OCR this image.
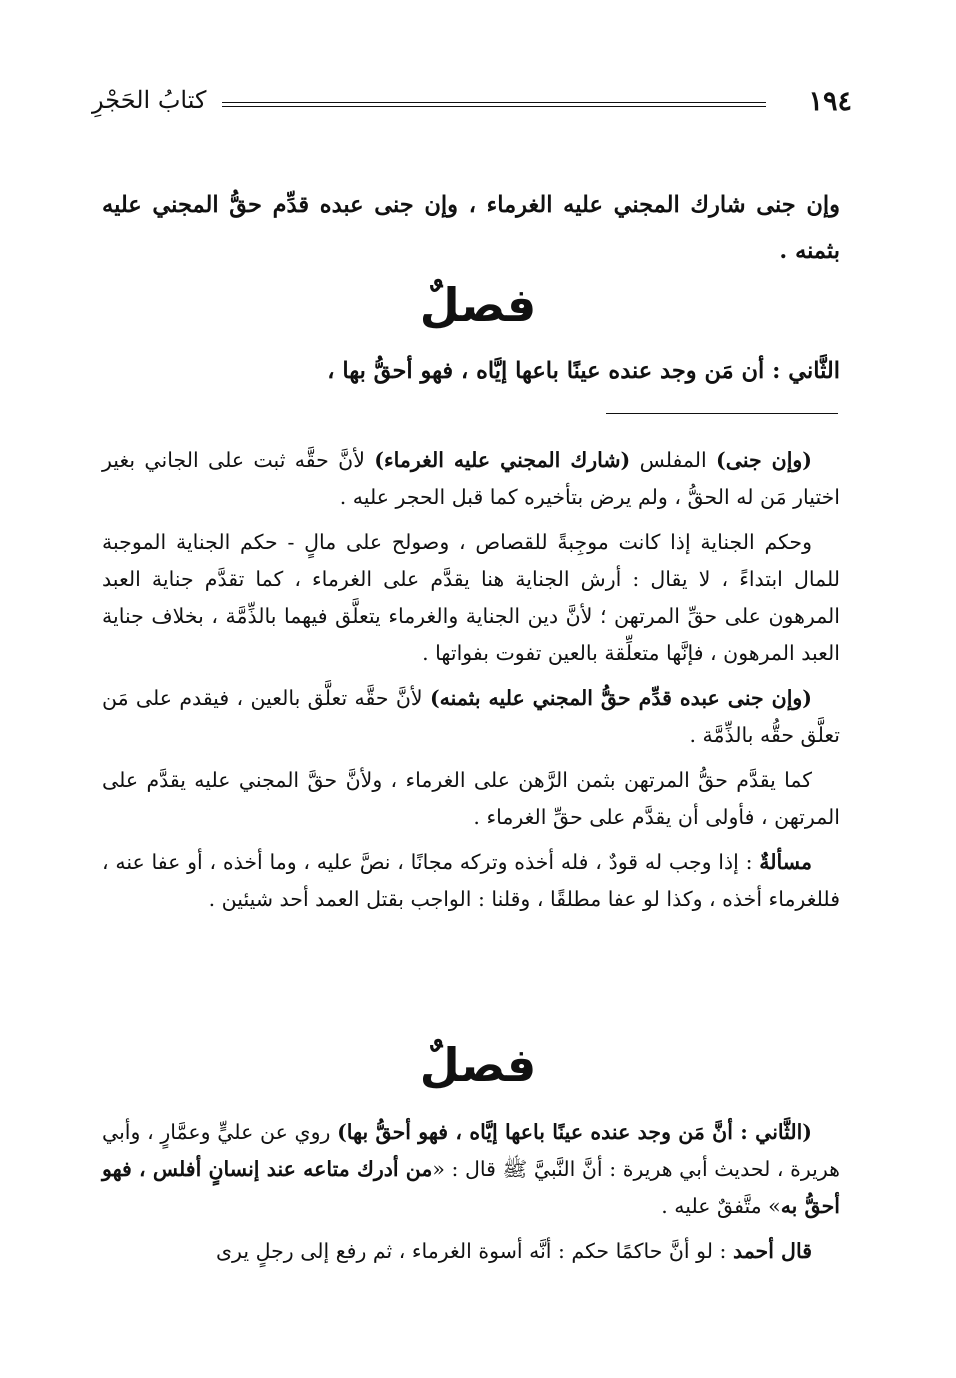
١٩٤
كتابُ الحَجْرِ
وإن جنى شارك المجني عليه الغرماء ، وإن جنى عبده قدِّم حقُّ المجني عليه بثمنه .
فصلٌ
الثَّاني : أن مَن وجد عنده عينًا باعها إيَّاه ، فهو أحقُّ بها ،

(وإن جنى) المفلس (شارك المجني عليه الغرماء) لأنَّ حقَّه ثبت على الجاني بغير اختيار مَن له الحقُّ ، ولم يرض بتأخيره كما قبل الحجر عليه .

وحكم الجناية إذا كانت موجِبةً للقصاص ، وصولح على مالٍ - حكم الجناية الموجبة للمال ابتداءً ، لا يقال : أرش الجناية هنا يقدَّم على الغرماء ، كما تقدَّم جناية العبد المرهون على حقِّ المرتهن ؛ لأنَّ دين الجناية والغرماء يتعلَّق فيهما بالذِّمَّة ، بخلاف جناية العبد المرهون ، فإنَّها متعلِّقة بالعين تفوت بفواتها .

(وإن جنى عبده قدِّم حقُّ المجني عليه بثمنه) لأنَّ حقَّه تعلَّق بالعين ، فيقدم على مَن تعلَّق حقُّه بالذِّمَّة .

كما يقدَّم حقُّ المرتهن بثمن الرَّهن على الغرماء ، ولأنَّ حقَّ المجني عليه يقدَّم على المرتهن ، فأولى أن يقدَّم على حقِّ الغرماء .

مسألةٌ : إذا وجب له قودٌ ، فله أخذه وتركه مجانًا ، نصَّ عليه ، وما أخذه ، أو عفا عنه ، فللغرماء أخذه ، وكذا لو عفا مطلقًا ، وقلنا : الواجب بقتل العمد أحد شيئين .

فصلٌ

(الثَّاني : أنَّ مَن وجد عنده عينًا باعها إيَّاه ، فهو أحقُّ بها) روي عن عليٍّ وعمَّارٍ ، وأبي هريرة ، لحديث أبي هريرة : أنَّ النَّبيَّ ﷺ قال : «من أدرك متاعه عند إنسانٍ أفلس ، فهو أحقُّ به» متَّفقٌ عليه .

قال أحمد : لو أنَّ حاكمًا حكم : أنَّه أسوة الغرماء ، ثم رفع إلى رجلٍ يرى
